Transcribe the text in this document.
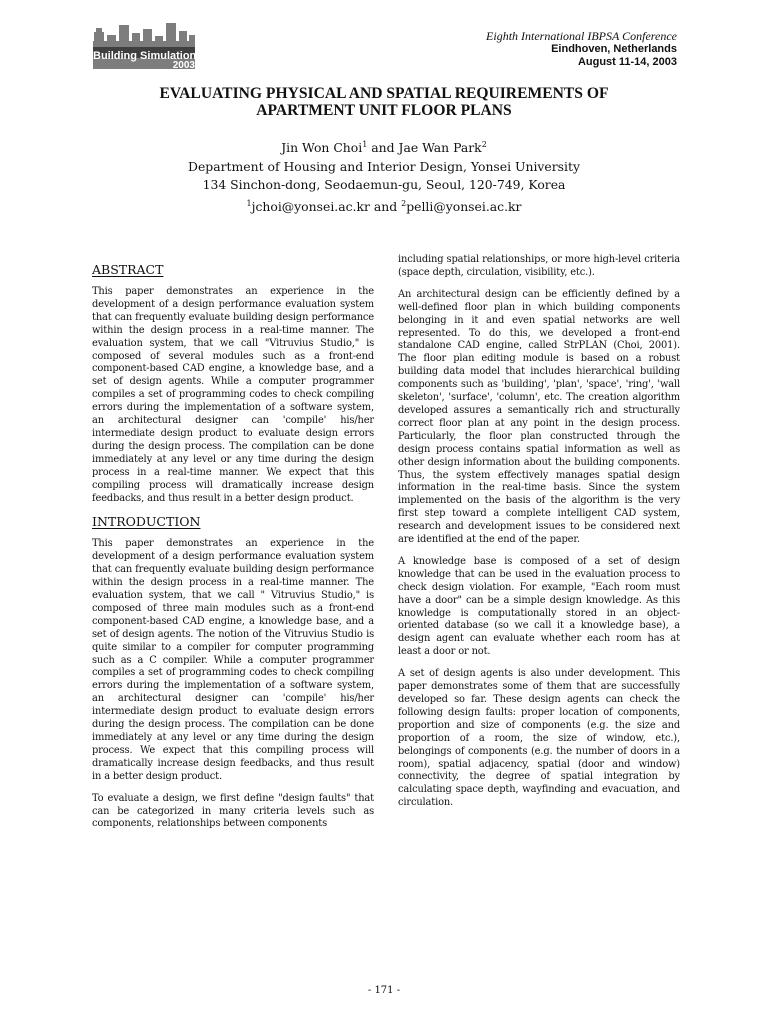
Building Simulation
2003
Eighth International IBPSA Conference
Eindhoven, Netherlands
August 11-14, 2003
EVALUATING PHYSICAL AND SPATIAL REQUIREMENTS OF
APARTMENT UNIT FLOOR PLANS
Jin Won Choi$^1$ and Jae Wan Park$^2$
Department of Housing and Interior Design, Yonsei University
134 Sinchon-dong, Seodaemun-gu, Seoul, 120-749, Korea
$^1$jchoi@yonsei.ac.kr and $^2$pelli@yonsei.ac.kr
ABSTRACT

This paper demonstrates an experience in the development of a design performance evaluation system that can frequently evaluate building design performance within the design process in a real-time manner. The evaluation system, that we call "Vitruvius Studio," is composed of several modules such as a front-end component-based CAD engine, a knowledge base, and a set of design agents. While a computer programmer compiles a set of programming codes to check compiling errors during the implementation of a software system, an architectural designer can 'compile' his/her intermediate design product to evaluate design errors during the design process. The compilation can be done immediately at any level or any time during the design process in a real-time manner. We expect that this compiling process will dramatically increase design feedbacks, and thus result in a better design product.

INTRODUCTION

This paper demonstrates an experience in the development of a design performance evaluation system that can frequently evaluate building design performance within the design process in a real-time manner. The evaluation system, that we call " Vitruvius Studio," is composed of three main modules such as a front-end component-based CAD engine, a knowledge base, and a set of design agents. The notion of the Vitruvius Studio is quite similar to a compiler for computer programming such as a C compiler. While a computer programmer compiles a set of programming codes to check compiling errors during the implementation of a software system, an architectural designer can 'compile' his/her intermediate design product to evaluate design errors during the design process. The compilation can be done immediately at any level or any time during the design process. We expect that this compiling process will dramatically increase design feedbacks, and thus result in a better design product.

To evaluate a design, we first define "design faults" that can be categorized in many criteria levels such as components, relationships between components

including spatial relationships, or more high-level criteria (space depth, circulation, visibility, etc.).

An architectural design can be efficiently defined by a well-defined floor plan in which building components belonging in it and even spatial networks are well represented. To do this, we developed a front-end standalone CAD engine, called StrPLAN (Choi, 2001). The floor plan editing module is based on a robust building data model that includes hierarchical building components such as 'building', 'plan', 'space', 'ring', 'wall skeleton', 'surface', 'column', etc. The creation algorithm developed assures a semantically rich and structurally correct floor plan at any point in the design process. Particularly, the floor plan constructed through the design process contains spatial information as well as other design information about the building components. Thus, the system effectively manages spatial design information in the real-time basis. Since the system implemented on the basis of the algorithm is the very first step toward a complete intelligent CAD system, research and development issues to be considered next are identified at the end of the paper.

A knowledge base is composed of a set of design knowledge that can be used in the evaluation process to check design violation. For example, "Each room must have a door" can be a simple design knowledge. As this knowledge is computationally stored in an object-oriented database (so we call it a knowledge base), a design agent can evaluate whether each room has at least a door or not.

A set of design agents is also under development. This paper demonstrates some of them that are successfully developed so far. These design agents can check the following design faults: proper location of components, proportion and size of components (e.g. the size and proportion of a room, the size of window, etc.), belongings of components (e.g. the number of doors in a room), spatial adjacency, spatial (door and window) connectivity, the degree of spatial integration by calculating space depth, wayfinding and evacuation, and circulation.

- 171 -
